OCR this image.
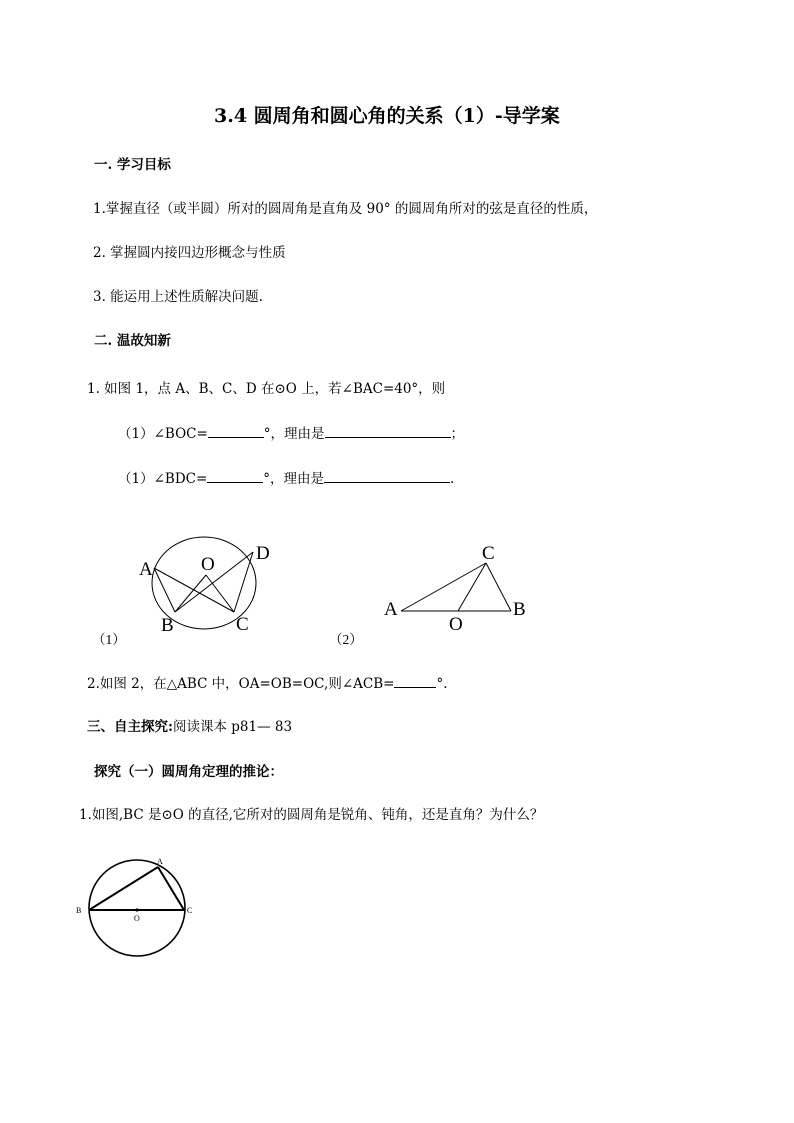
3.4 圆周角和圆心角的关系（1）-导学案
一. 学习目标
1.掌握直径（或半圆）所对的圆周角是直角及 90° 的圆周角所对的弦是直径的性质，
2. 掌握圆内接四边形概念与性质
3. 能运用上述性质解决问题.
二. 温故知新
1. 如图 1，点 A、B、C、D 在⊙O 上，若∠BAC=40°，则
（1）∠BOC=	°，理由是	；
（1）∠BDC=	°，理由是	.
A	O
D
B	C
（1）
C
A
O
B
（2）
A
B
O
C
2.如图 2，在△ABC 中，OA=OB=OC,则∠ACB=	°.
三、自主探究:阅读课本 p81— 83
探究（一）圆周角定理的推论：
1.如图,BC 是⊙O 的直径,它所对的圆周角是锐角、钝角，还是直角？为什么？
